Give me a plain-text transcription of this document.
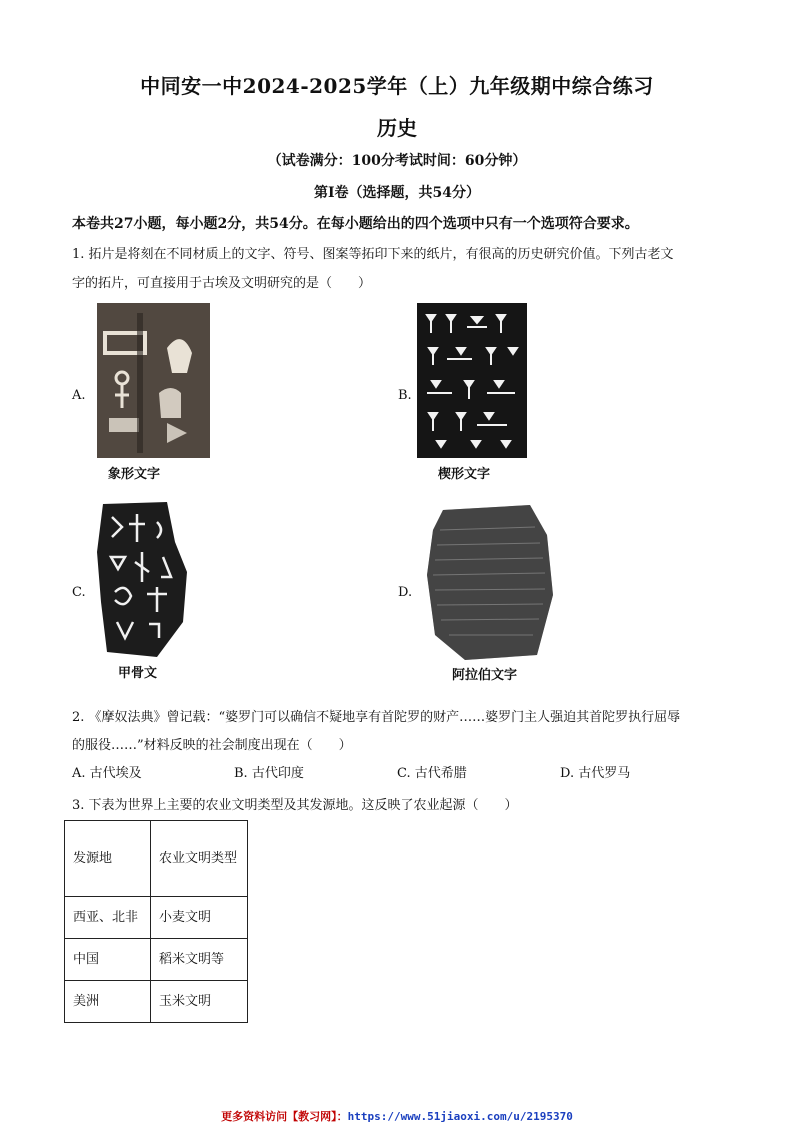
中同安一中2024-2025学年（上）九年级期中综合练习
历史
（试卷满分：100分考试时间：60分钟）
第Ⅰ卷（选择题，共54分）
本卷共27小题，每小题2分，共54分。在每小题给出的四个选项中只有一个选项符合要求。
1. 拓片是将刻在不同材质上的文字、符号、图案等拓印下来的纸片，有很高的历史研究价值。下列古老文
字的拓片，可直接用于古埃及文明研究的是（　　）
A.
象形文字
B.
楔形文字
C.
甲骨文
D.
阿拉伯文字
2. 《摩奴法典》曾记载：“婆罗门可以确信不疑地享有首陀罗的财产……婆罗门主人强迫其首陀罗执行屈辱
的服役……”材料反映的社会制度出现在（　　）
A. 古代埃及	B. 古代印度	C. 古代希腊	D. 古代罗马
3. 下表为世界上主要的农业文明类型及其发源地。这反映了农业起源（　　）
发源地	农业文明类型
西亚、北非	小麦文明
中国	稻米文明等
美洲	玉米文明
更多资料访问【教习网】：https://www.51jiaoxi.com/u/2195370
